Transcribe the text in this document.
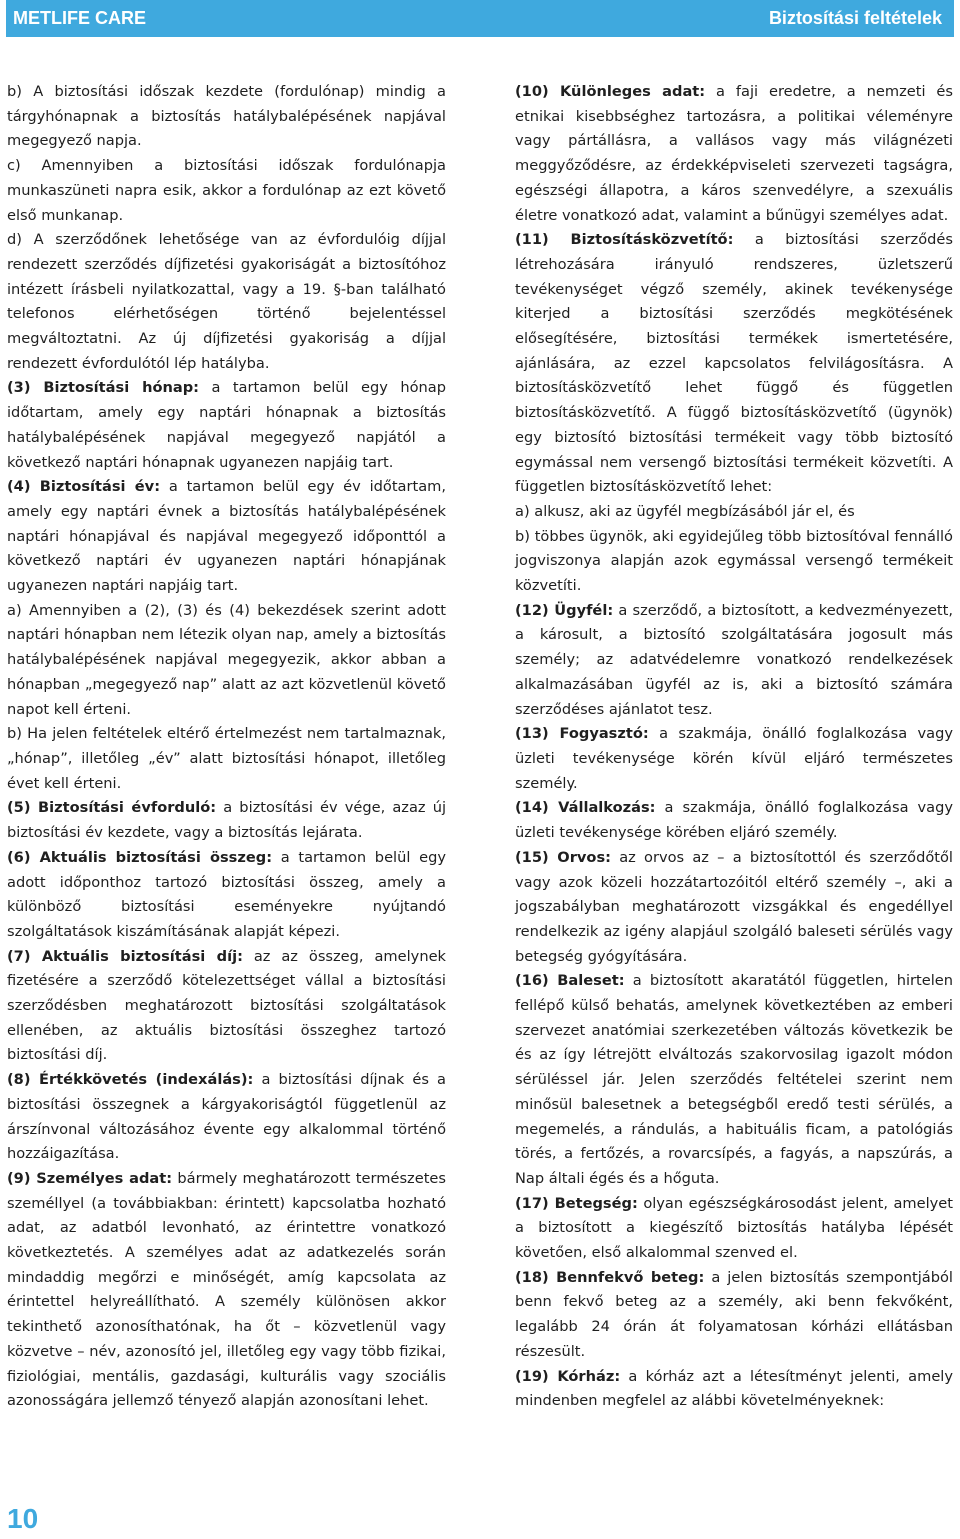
METLIFE CARE	Biztosítási feltételek

b) A biztosítási időszak kezdete (fordulónap) mindig a tárgyhónapnak a biztosítás hatálybalépésének napjával megegyező napja.

c) Amennyiben a biztosítási időszak fordulónapja munkaszüneti napra esik, akkor a fordulónap az ezt követő első munkanap.

d) A szerződőnek lehetősége van az évfordulóig díjjal rendezett szerződés díjfizetési gyakoriságát a biztosítóhoz intézett írásbeli nyilatkozattal, vagy a 19. §-ban található telefonos elérhetőségen történő bejelentéssel megváltoztatni. Az új díjfizetési gyakoriság a díjjal rendezett évfordulótól lép hatályba.

(3) Biztosítási hónap: a tartamon belül egy hónap időtartam, amely egy naptári hónapnak a biztosítás hatálybalépésének napjával megegyező napjától a következő naptári hónapnak ugyanezen napjáig tart.

(4) Biztosítási év: a tartamon belül egy év időtartam, amely egy naptári évnek a biztosítás hatálybalépésének naptári hónapjával és napjával megegyező időponttól a következő naptári év ugyanezen naptári hónapjának ugyanezen naptári napjáig tart.

a) Amennyiben a (2), (3) és (4) bekezdések szerint adott naptári hónapban nem létezik olyan nap, amely a biztosítás hatálybalépésének napjával megegyezik, akkor abban a hónapban „megegyező nap” alatt az azt közvetlenül követő napot kell érteni.

b) Ha jelen feltételek eltérő értelmezést nem tartalmaznak, „hónap”, illetőleg „év” alatt biztosítási hónapot, illetőleg évet kell érteni.

(5) Biztosítási évforduló: a biztosítási év vége, azaz új biztosítási év kezdete, vagy a biztosítás lejárata.

(6) Aktuális biztosítási összeg: a tartamon belül egy adott időponthoz tartozó biztosítási összeg, amely a különböző biztosítási eseményekre nyújtandó szolgáltatások kiszámításának alapját képezi.

(7) Aktuális biztosítási díj: az az összeg, amelynek fizetésére a szerződő kötelezettséget vállal a biztosítási szerződésben meghatározott biztosítási szolgáltatások ellenében, az aktuális biztosítási összeghez tartozó biztosítási díj.

(8) Értékkövetés (indexálás): a biztosítási díjnak és a biztosítási összegnek a kárgyakoriságtól függetlenül az árszínvonal változásához évente egy alkalommal történő hozzáigazítása.

(9) Személyes adat: bármely meghatározott természetes személlyel (a továbbiakban: érintett) kapcsolatba hozható adat, az adatból levonható, az érintettre vonatkozó következtetés. A személyes adat az adatkezelés során mindaddig megőrzi e minőségét, amíg kapcsolata az érintettel helyreállítható. A személy különösen akkor tekinthető azonosíthatónak, ha őt – közvetlenül vagy közvetve – név, azonosító jel, illetőleg egy vagy több fizikai, fiziológiai, mentális, gazdasági, kulturális vagy szociális azonosságára jellemző tényező alapján azonosítani lehet.

(10) Különleges adat: a faji eredetre, a nemzeti és etnikai kisebbséghez tartozásra, a politikai véleményre vagy pártállásra, a vallásos vagy más világnézeti meggyőződésre, az érdekképviseleti szervezeti tagságra, egészségi állapotra, a káros szenvedélyre, a szexuális életre vonatkozó adat, valamint a bűnügyi személyes adat.

(11) Biztosításközvetítő: a biztosítási szerződés létrehozására irányuló rendszeres, üzletszerű tevékenységet végző személy, akinek tevékenysége kiterjed a biztosítási szerződés megkötésének elősegítésére, biztosítási termékek ismertetésére, ajánlására, az ezzel kapcsolatos felvilágosításra. A biztosításközvetítő lehet függő és független biztosításközvetítő. A függő biztosításközvetítő (ügynök) egy biztosító biztosítási termékeit vagy több biztosító egymással nem versengő biztosítási termékeit közvetíti. A független biztosításközvetítő lehet:

a) alkusz, aki az ügyfél megbízásából jár el, és

b) többes ügynök, aki egyidejűleg több biztosítóval fennálló jogviszonya alapján azok egymással versengő termékeit közvetíti.

(12) Ügyfél: a szerződő, a biztosított, a kedvezményezett, a károsult, a biztosító szolgáltatására jogosult más személy; az adatvédelemre vonatkozó rendelkezések alkalmazásában ügyfél az is, aki a biztosító számára szerződéses ajánlatot tesz.

(13) Fogyasztó: a szakmája, önálló foglalkozása vagy üzleti tevékenysége körén kívül eljáró természetes személy.

(14) Vállalkozás: a szakmája, önálló foglalkozása vagy üzleti tevékenysége körében eljáró személy.

(15) Orvos: az orvos az – a biztosítottól és szerződőtől vagy azok közeli hozzátartozóitól eltérő személy –, aki a jogszabályban meghatározott vizsgákkal és engedéllyel rendelkezik az igény alapjául szolgáló baleseti sérülés vagy betegség gyógyítására.

(16) Baleset: a biztosított akaratától független, hirtelen fellépő külső behatás, amelynek következtében az emberi szervezet anatómiai szerkezetében változás következik be és az így létrejött elváltozás szakorvosilag igazolt módon sérüléssel jár. Jelen szerződés feltételei szerint nem minősül balesetnek a betegségből eredő testi sérülés, a megemelés, a rándulás, a habituális ficam, a patológiás törés, a fertőzés, a rovarcsípés, a fagyás, a napszúrás, a Nap általi égés és a hőguta.

(17) Betegség: olyan egészségkárosodást jelent, amelyet a biztosított a kiegészítő biztosítás hatályba lépését követően, első alkalommal szenved el.

(18) Bennfekvő beteg: a jelen biztosítás szempontjából benn fekvő beteg az a személy, aki benn fekvőként, legalább 24 órán át folyamatosan kórházi ellátásban részesült.

(19) Kórház: a kórház azt a létesítményt jelenti, amely mindenben megfelel az alábbi követelményeknek:

10
